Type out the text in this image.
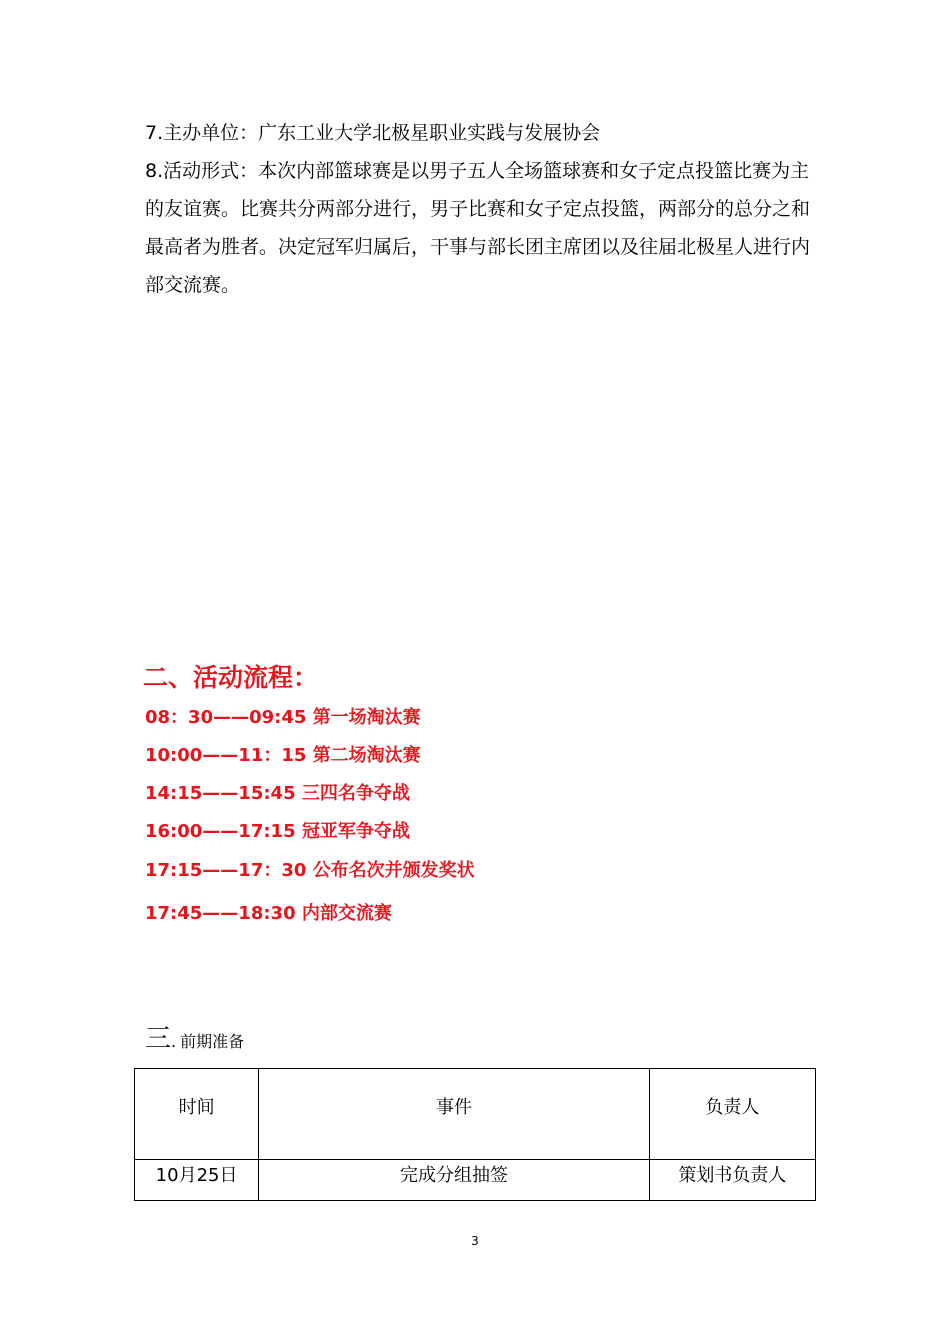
7.主办单位：广东工业大学北极星职业实践与发展协会

8.活动形式：本次内部篮球赛是以男子五人全场篮球赛和女子定点投篮比赛为主的友谊赛。比赛共分两部分进行，男子比赛和女子定点投篮，两部分的总分之和最高者为胜者。决定冠军归属后，干事与部长团主席团以及往届北极星人进行内部交流赛。

二、活动流程：
08：30——09:45 第一场淘汰赛
10:00——11：15 第二场淘汰赛
14:15——15:45 三四名争夺战
16:00——17:15 冠亚军争夺战
17:15——17：30 公布名次并颁发奖状
17:45——18:30 内部交流赛
三. 前期准备
时间	事件	负责人
10月25日	完成分组抽签	策划书负责人
3
